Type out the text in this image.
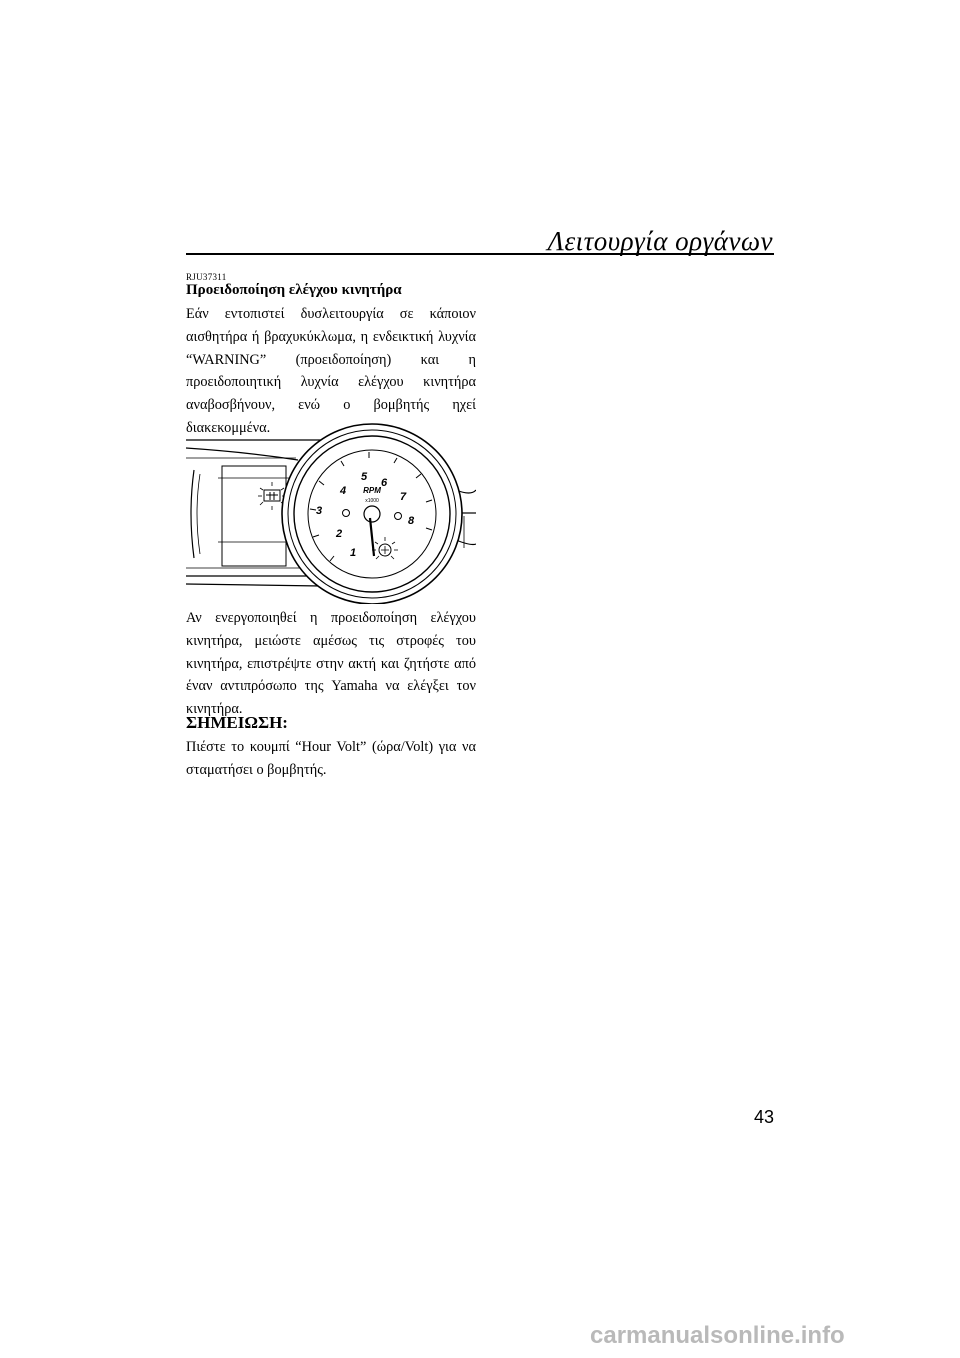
Λειτουργία οργάνων
RJU37311
Προειδοποίηση ελέγχου κινητήρα

Εάν εντοπιστεί δυσλειτουργία σε κάποιον αισθητήρα ή βραχυκύκλωμα, η ενδεικτική λυχνία “WARNING” (προειδοποίηση) και η προειδοποιητική λυχνία ελέγχου κινητήρα αναβοσβήνουν, ενώ ο βομβητής ηχεί διακεκομμένα.

1
2
3
4
5 6
7
8
RPM
x1000

Αν ενεργοποιηθεί η προειδοποίηση ελέγχου κινητήρα, μειώστε αμέσως τις στροφές του κινητήρα, επιστρέψτε στην ακτή και ζητήστε από έναν αντιπρόσωπο της Yamaha να ελέγξει τον κινητήρα.

ΣΗΜΕΙΩΣΗ:

Πιέστε το κουμπί “Hour Volt” (ώρα/Volt) για να σταματήσει ο βομβητής.

43
carmanualsonline.info
